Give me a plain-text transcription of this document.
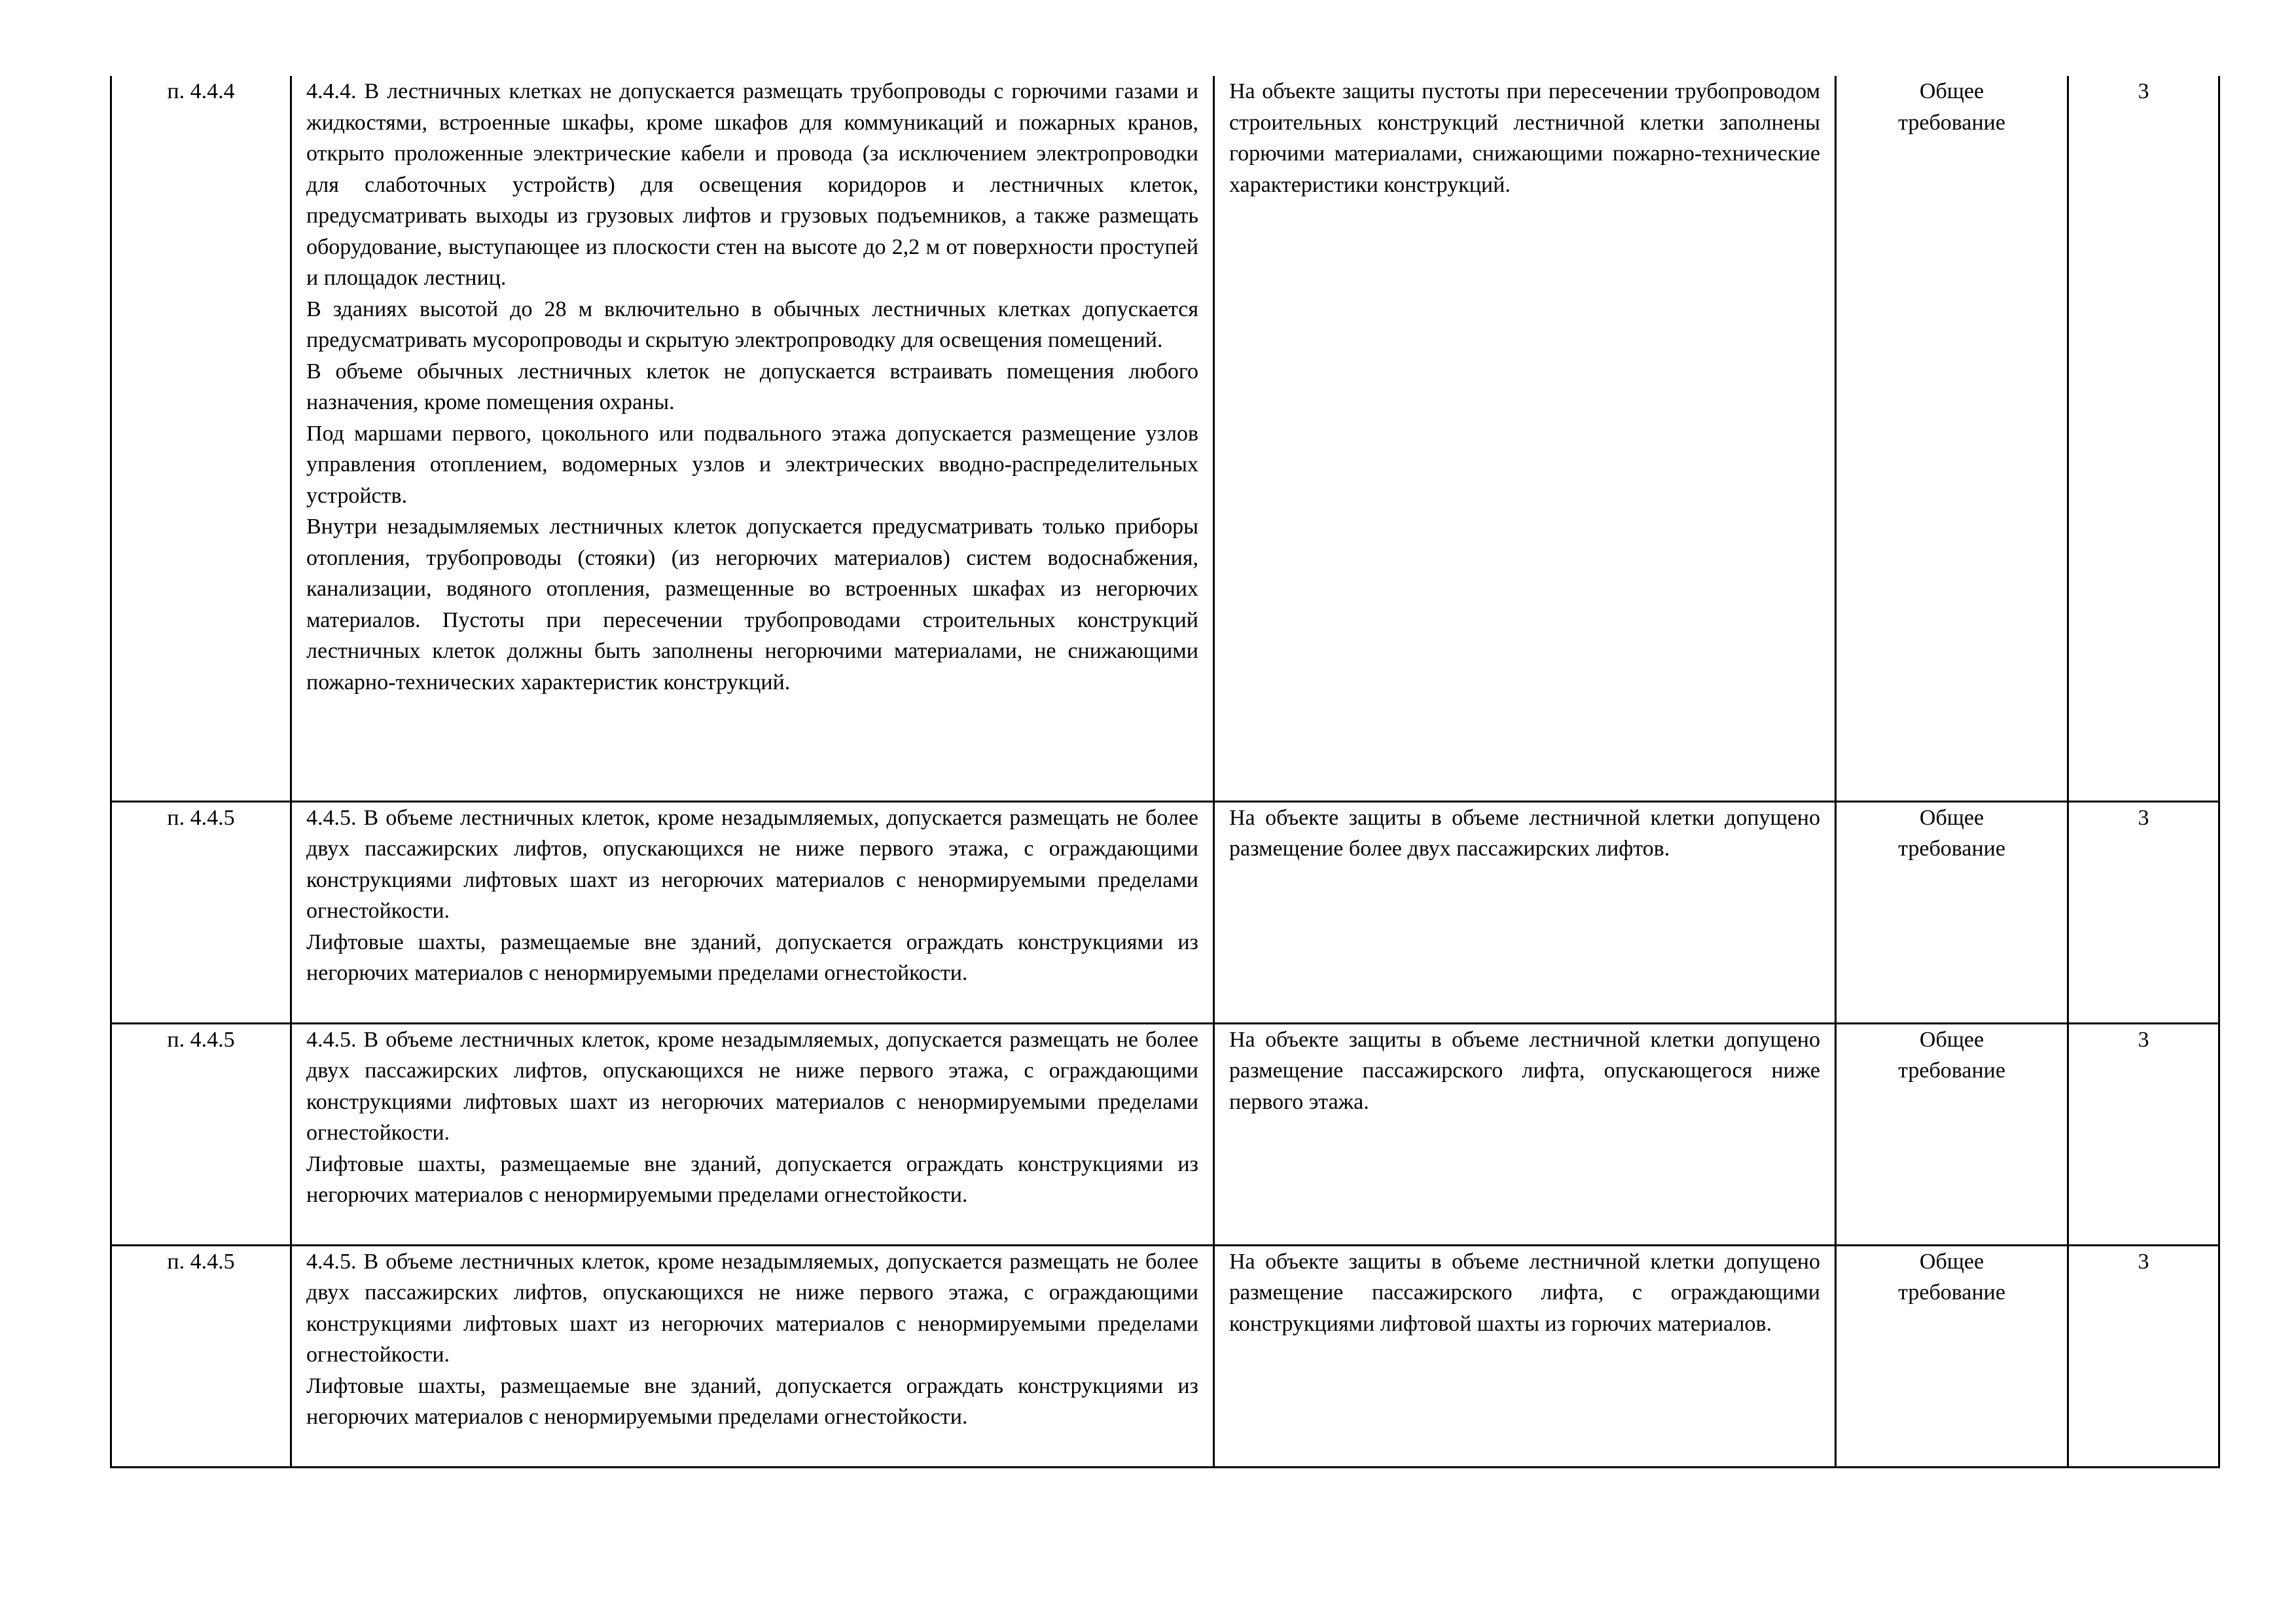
п. 4.4.4	4.4.4. В лестничных клетках не допускается размещать трубопроводы с горючими газами и жидкостями, встроенные шкафы, кроме шкафов для коммуникаций и пожарных кранов, открыто проложенные электрические кабели и провода (за исключением электропроводки для слаботочных устройств) для освещения коридоров и лестничных клеток, предусматривать выходы из грузовых лифтов и грузовых подъемников, а также размещать оборудование, выступающее из плоскости стен на высоте до 2,2 м от поверхности проступей и площадок лестниц.
В зданиях высотой до 28 м включительно в обычных лестничных клетках допускается предусматривать мусоропроводы и скрытую электропроводку для освещения помещений.
В объеме обычных лестничных клеток не допускается встраивать помещения любого назначения, кроме помещения охраны.
Под маршами первого, цокольного или подвального этажа допускается размещение узлов управления отоплением, водомерных узлов и электрических вводно-распределительных устройств.
Внутри незадымляемых лестничных клеток допускается предусматривать только приборы отопления, трубопроводы (стояки) (из негорючих материалов) систем водоснабжения, канализации, водяного отопления, размещенные во встроенных шкафах из негорючих материалов. Пустоты при пересечении трубопроводами строительных конструкций лестничных клеток должны быть заполнены негорючими материалами, не снижающими пожарно-технических характеристик конструкций.	На объекте защиты пустоты при пересечении трубопроводом строительных конструкций лестничной клетки заполнены горючими материалами, снижающими пожарно-технические характеристики конструкций.	Общее
требование	3
п. 4.4.5	4.4.5. В объеме лестничных клеток, кроме незадымляемых, допускается размещать не более двух пассажирских лифтов, опускающихся не ниже первого этажа, с ограждающими конструкциями лифтовых шахт из негорючих материалов с ненормируемыми пределами огнестойкости.
Лифтовые шахты, размещаемые вне зданий, допускается ограждать конструкциями из негорючих материалов с ненормируемыми пределами огнестойкости.	На объекте защиты в объеме лестничной клетки допущено размещение более двух пассажирских лифтов.	Общее
требование	3
п. 4.4.5	4.4.5. В объеме лестничных клеток, кроме незадымляемых, допускается размещать не более двух пассажирских лифтов, опускающихся не ниже первого этажа, с ограждающими конструкциями лифтовых шахт из негорючих материалов с ненормируемыми пределами огнестойкости.
Лифтовые шахты, размещаемые вне зданий, допускается ограждать конструкциями из негорючих материалов с ненормируемыми пределами огнестойкости.	На объекте защиты в объеме лестничной клетки допущено размещение пассажирского лифта, опускающегося ниже первого этажа.	Общее
требование	3
п. 4.4.5	4.4.5. В объеме лестничных клеток, кроме незадымляемых, допускается размещать не более двух пассажирских лифтов, опускающихся не ниже первого этажа, с ограждающими конструкциями лифтовых шахт из негорючих материалов с ненормируемыми пределами огнестойкости.
Лифтовые шахты, размещаемые вне зданий, допускается ограждать конструкциями из негорючих материалов с ненормируемыми пределами огнестойкости.	На объекте защиты в объеме лестничной клетки допущено размещение пассажирского лифта, с ограждающими конструкциями лифтовой шахты из горючих материалов.	Общее
требование	3
